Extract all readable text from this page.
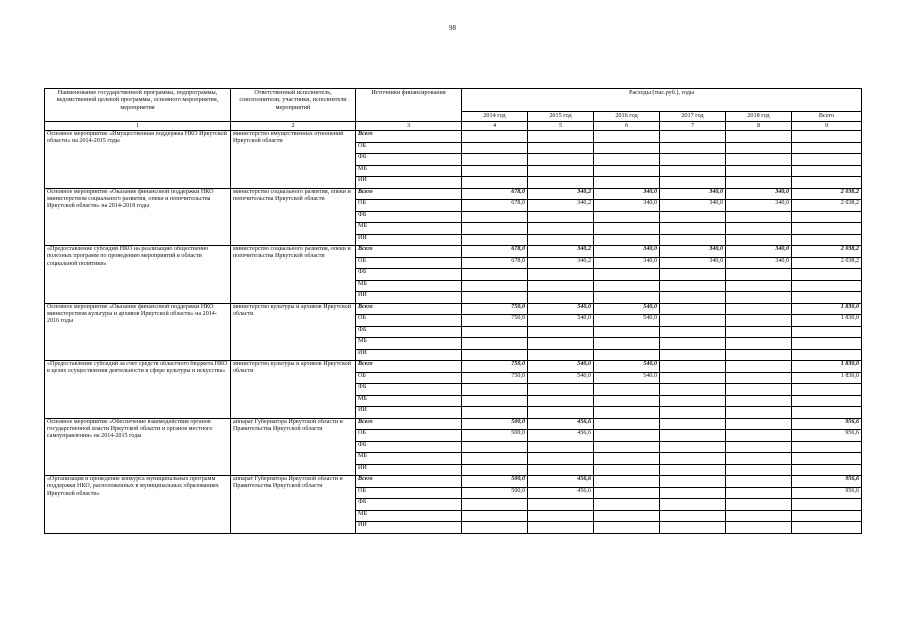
98
Наименование государственной программы, подпрограммы, ведомственной целевой программы, основного мероприятия, мероприятия	Ответственный исполнитель, соисполнители, участники, исполнители мероприятий	Источники финансирования	Расходы (тыс.руб.), годы					
			2014 год	2015 год	2016 год	2017 год	2018 год	Всего
1	2	3	4	5	6	7	8	9
Основное мероприятие «Имущественная поддержка НКО Иркутской области» на 2014-2015 годы	министерство имущественных отношений Иркутской области	Всего						
		ОБ						
		ФБ						
		МБ						
		ИИ						
Основное мероприятие «Оказание финансовой поддержки НКО министерством социального развития, опеки и попечительства Иркутской области» на 2014-2018 годы	министерство социального развития, опеки и попечительства Иркутской области	Всего	678,0	340,2	340,0	340,0	340,0	2 038,2
		ОБ	678,0	340,2	340,0	340,0	340,0	2 038,2
		ФБ						
		МБ						
		ИИ						
«Предоставление субсидий НКО на реализацию общественно полезных программ по проведению мероприятий в области социальной политики»	министерство социального развития, опеки и попечительства Иркутской области	Всего	678,0	340,2	340,0	340,0	340,0	2 038,2
		ОБ	678,0	340,2	340,0	340,0	340,0	2 038,2
		ФБ						
		МБ						
		ИИ						
Основное мероприятие «Оказание финансовой поддержки НКО министерством культуры и архивов Иркутской области» на 2014-2016 годы	министерство культуры и архивов Иркутской области	Всего	750,0	540,0	540,0			1 830,0
		ОБ	750,0	540,0	540,0			1 830,0
		ФБ						
		МБ						
		ИИ						
«Предоставление субсидий за счет средств областного бюджета НКО в целях осуществления деятельности в сфере культуры и искусства»	министерство культуры и архивов Иркутской области	Всего	750,0	540,0	540,0			1 830,0
		ОБ	750,0	540,0	540,0			1 830,0
		ФБ						
		МБ						
		ИИ						
Основное мероприятие «Обеспечение взаимодействия органов государственной власти Иркутской области и органов местного самоуправления» на 2014-2015 годы	аппарат Губернатора Иркутской области и Правительства Иркутской области	Всего	500,0	456,6				956,6
		ОБ	500,0	456,6				956,6
		ФБ						
		МБ						
		ИИ						
«Организация и проведение конкурса муниципальных программ поддержки НКО, расположенных в муниципальных образованиях Иркутской области»	аппарат Губернатора Иркутской области и Правительства Иркутской области	Всего	500,0	456,6				956,6
		ОБ	500,0	456,6				956,6
		ФБ						
		МБ						
		ИИ						
